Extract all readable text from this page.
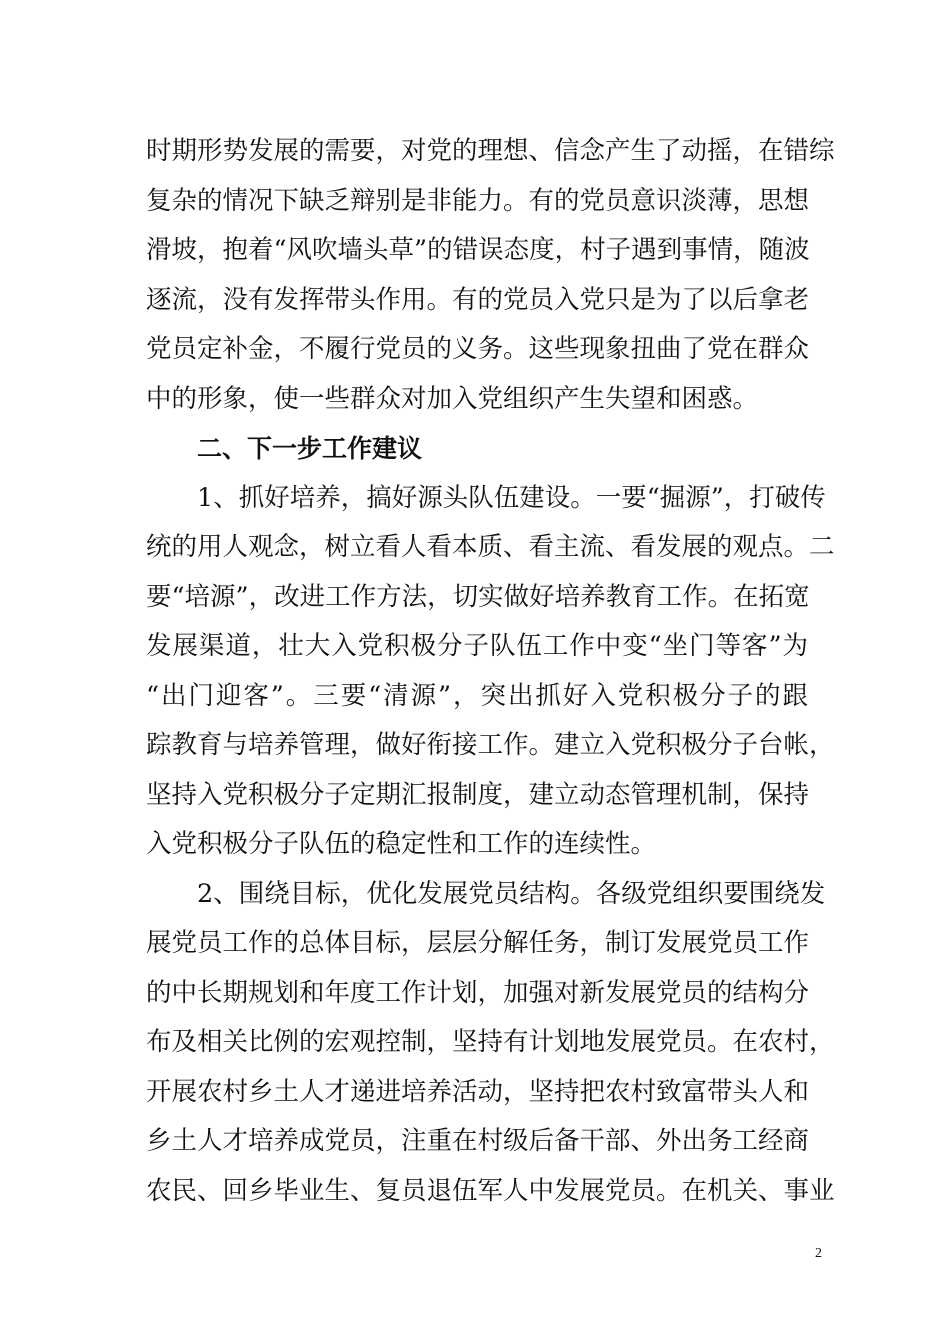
时期形势发展的需要，对党的理想、信念产生了动摇，在错综
复杂的情况下缺乏辩别是非能力。有的党员意识淡薄，思想
滑坡，抱着“风吹墙头草”的错误态度，村子遇到事情，随波
逐流，没有发挥带头作用。有的党员入党只是为了以后拿老
党员定补金，不履行党员的义务。这些现象扭曲了党在群众
中的形象，使一些群众对加入党组织产生失望和困惑。
二、下一步工作建议
1、抓好培养，搞好源头队伍建设。一要“掘源”，打破传
统的用人观念，树立看人看本质、看主流、看发展的观点。二
要“培源”，改进工作方法，切实做好培养教育工作。在拓宽
发展渠道，壮大入党积极分子队伍工作中变“坐门等客”为
“出门迎客”。三要“清源”，突出抓好入党积极分子的跟
踪教育与培养管理，做好衔接工作。建立入党积极分子台帐，
坚持入党积极分子定期汇报制度，建立动态管理机制，保持
入党积极分子队伍的稳定性和工作的连续性。
2、围绕目标，优化发展党员结构。各级党组织要围绕发
展党员工作的总体目标，层层分解任务，制订发展党员工作
的中长期规划和年度工作计划，加强对新发展党员的结构分
布及相关比例的宏观控制，坚持有计划地发展党员。在农村，
开展农村乡土人才递进培养活动，坚持把农村致富带头人和
乡土人才培养成党员，注重在村级后备干部、外出务工经商
农民、回乡毕业生、复员退伍军人中发展党员。在机关、事业
2
